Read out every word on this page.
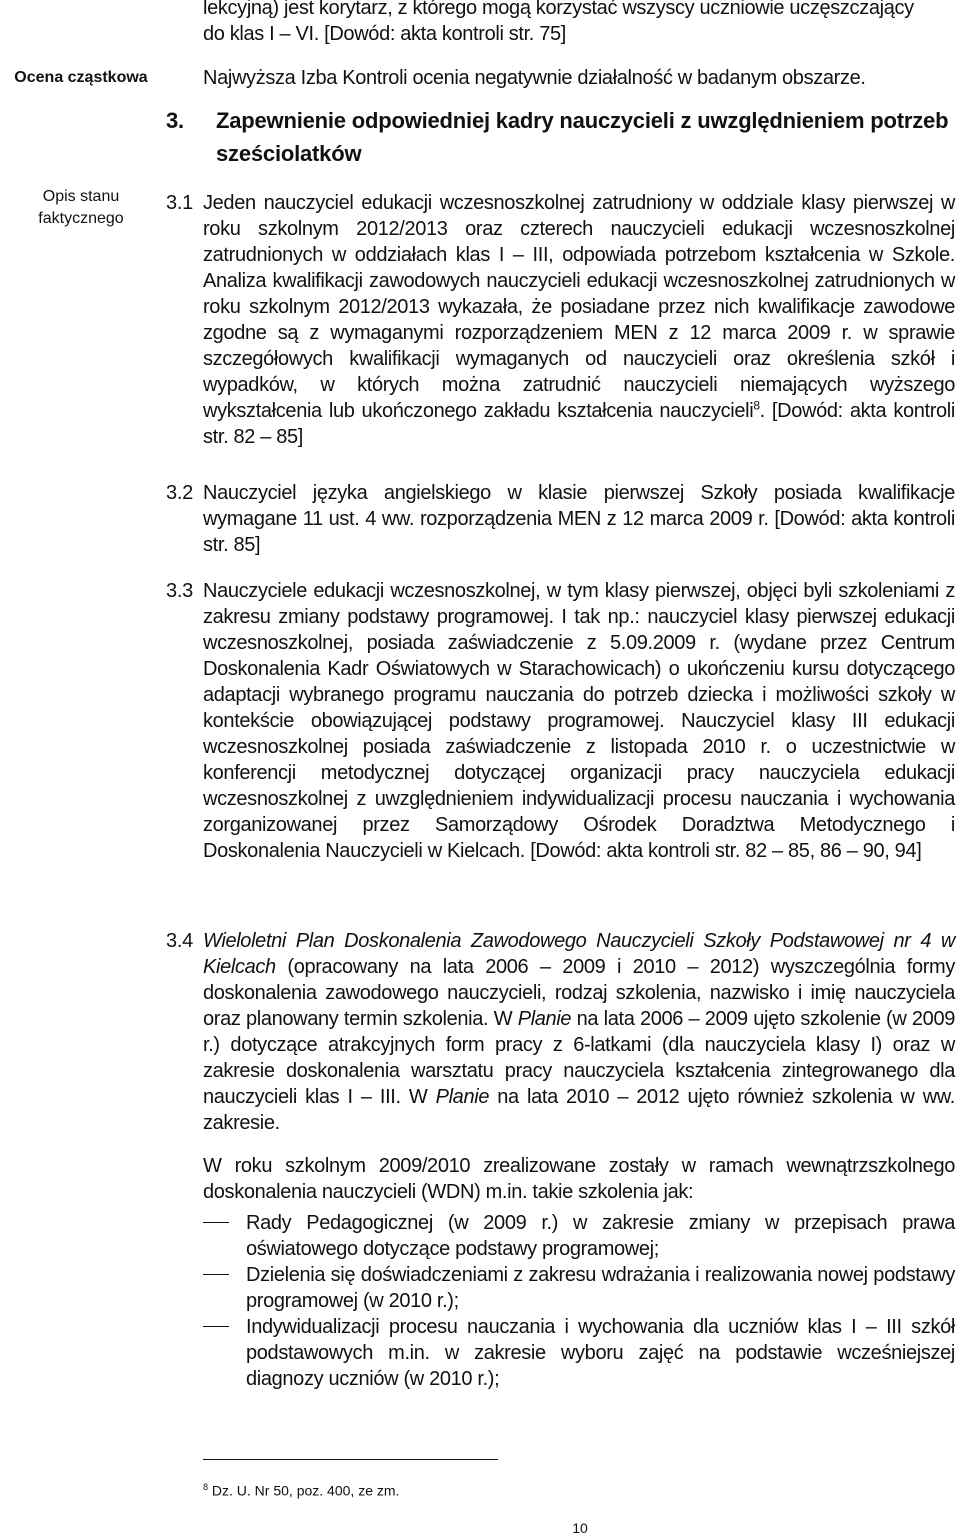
lekcyjną) jest korytarz, z którego mogą korzystać wszyscy uczniowie uczęszczający
do klas I – VI. [Dowód: akta kontroli str. 75]
Ocena cząstkowa	Najwyższa Izba Kontroli ocenia negatywnie działalność w badanym obszarze.
3. Zapewnienie odpowiedniej kadry nauczycieli z uwzględnieniem potrzeb sześciolatków
Opis stanu
faktycznego
3.1 Jeden nauczyciel edukacji wczesnoszkolnej zatrudniony w oddziale klasy pierwszej w roku szkolnym 2012/2013 oraz czterech nauczycieli edukacji wczesnoszkolnej zatrudnionych w oddziałach klas I – III, odpowiada potrzebom kształcenia w Szkole. Analiza kwalifikacji zawodowych nauczycieli edukacji wczesnoszkolnej zatrudnionych w roku szkolnym 2012/2013 wykazała, że posiadane przez nich kwalifikacje zawodowe zgodne są z wymaganymi rozporządzeniem MEN z 12 marca 2009 r. w sprawie szczegółowych kwalifikacji wymaganych od nauczycieli oraz określenia szkół i wypadków, w których można zatrudnić nauczycieli niemających wyższego wykształcenia lub ukończonego zakładu kształcenia nauczycieli$^8$. [Dowód: akta kontroli str. 82 – 85]
3.2 Nauczyciel języka angielskiego w klasie pierwszej Szkoły posiada kwalifikacje wymagane 11 ust. 4 ww. rozporządzenia MEN z 12 marca 2009 r. [Dowód: akta kontroli str. 85]
3.3 Nauczyciele edukacji wczesnoszkolnej, w tym klasy pierwszej, objęci byli szkoleniami z zakresu zmiany podstawy programowej. I tak np.: nauczyciel klasy pierwszej edukacji wczesnoszkolnej, posiada zaświadczenie z 5.09.2009 r. (wydane przez Centrum Doskonalenia Kadr Oświatowych w Starachowicach) o ukończeniu kursu dotyczącego adaptacji wybranego programu nauczania do potrzeb dziecka i możliwości szkoły w kontekście obowiązującej podstawy programowej. Nauczyciel klasy III edukacji wczesnoszkolnej posiada zaświadczenie z listopada 2010 r. o uczestnictwie w konferencji metodycznej dotyczącej organizacji pracy nauczyciela edukacji wczesnoszkolnej z uwzględnieniem indywidualizacji procesu nauczania i wychowania zorganizowanej przez Samorządowy Ośrodek Doradztwa Metodycznego i Doskonalenia Nauczycieli w Kielcach. [Dowód: akta kontroli str. 82 – 85, 86 – 90, 94]
3.4 Wieloletni Plan Doskonalenia Zawodowego Nauczycieli Szkoły Podstawowej nr 4 w Kielcach (opracowany na lata 2006 – 2009 i 2010 – 2012) wyszczególnia formy doskonalenia zawodowego nauczycieli, rodzaj szkolenia, nazwisko i imię nauczyciela oraz planowany termin szkolenia. W Planie na lata 2006 – 2009 ujęto szkolenie (w 2009 r.) dotyczące atrakcyjnych form pracy z 6-latkami (dla nauczyciela klasy I) oraz w zakresie doskonalenia warsztatu pracy nauczyciela kształcenia zintegrowanego dla nauczycieli klas I – III. W Planie na lata 2010 – 2012 ujęto również szkolenia w ww. zakresie.
W roku szkolnym 2009/2010 zrealizowane zostały w ramach wewnątrzszkolnego doskonalenia nauczycieli (WDN) m.in. takie szkolenia jak:
Rady Pedagogicznej (w 2009 r.) w zakresie zmiany w przepisach prawa oświatowego dotyczące podstawy programowej;
Dzielenia się doświadczeniami z zakresu wdrażania i realizowania nowej podstawy programowej (w 2010 r.);
Indywidualizacji procesu nauczania i wychowania dla uczniów klas I – III szkół podstawowych m.in. w zakresie wyboru zajęć na podstawie wcześniejszej diagnozy uczniów (w 2010 r.);
$^8$ Dz. U. Nr 50, poz. 400, ze zm.
10
